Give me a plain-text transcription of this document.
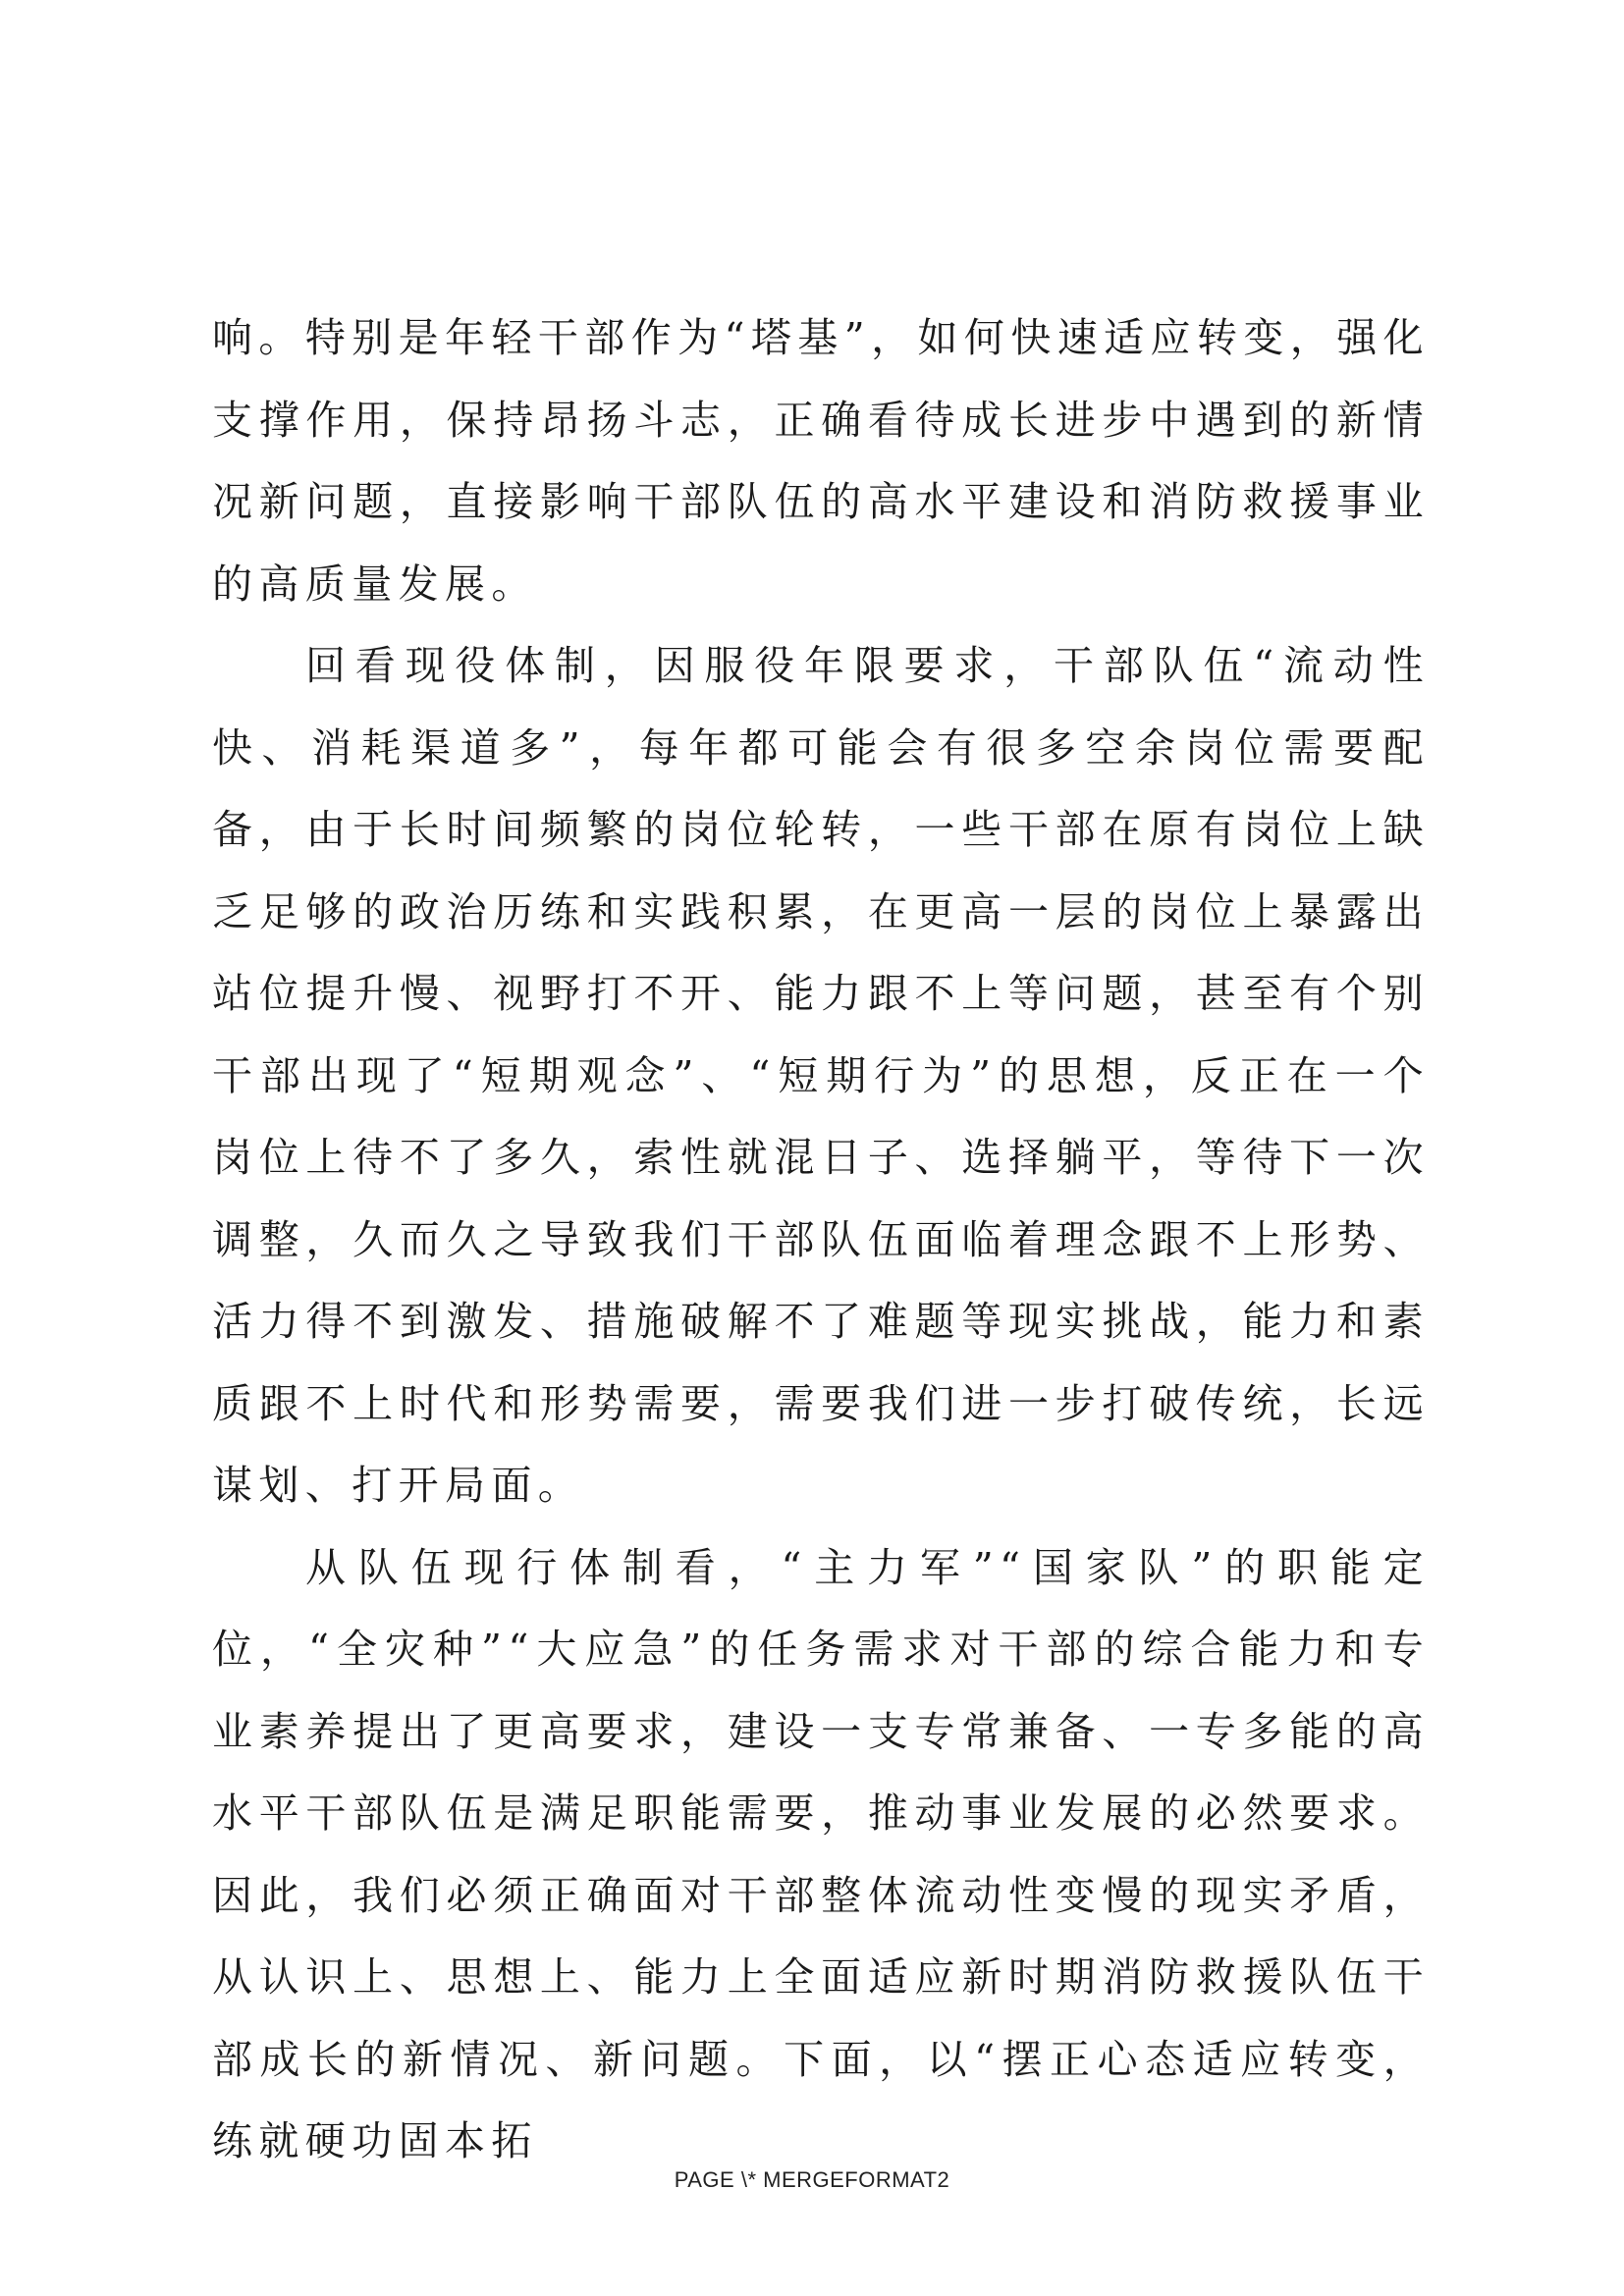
响。特别是年轻干部作为“塔基”，如何快速适应转变，强化支撑作用，保持昂扬斗志，正确看待成长进步中遇到的新情况新问题，直接影响干部队伍的高水平建设和消防救援事业的高质量发展。

回看现役体制，因服役年限要求，干部队伍“流动性快、消耗渠道多”，每年都可能会有很多空余岗位需要配备，由于长时间频繁的岗位轮转，一些干部在原有岗位上缺乏足够的政治历练和实践积累，在更高一层的岗位上暴露出站位提升慢、视野打不开、能力跟不上等问题，甚至有个别干部出现了“短期观念”、“短期行为”的思想，反正在一个岗位上待不了多久，索性就混日子、选择躺平，等待下一次调整，久而久之导致我们干部队伍面临着理念跟不上形势、活力得不到激发、措施破解不了难题等现实挑战，能力和素质跟不上时代和形势需要，需要我们进一步打破传统，长远谋划、打开局面。

从队伍现行体制看，“主力军”“国家队”的职能定位，“全灾种”“大应急”的任务需求对干部的综合能力和专业素养提出了更高要求，建设一支专常兼备、一专多能的高水平干部队伍是满足职能需要，推动事业发展的必然要求。因此，我们必须正确面对干部整体流动性变慢的现实矛盾，从认识上、思想上、能力上全面适应新时期消防救援队伍干部成长的新情况、新问题。下面，以“摆正心态适应转变，练就硬功固本拓

PAGE \* MERGEFORMAT2
